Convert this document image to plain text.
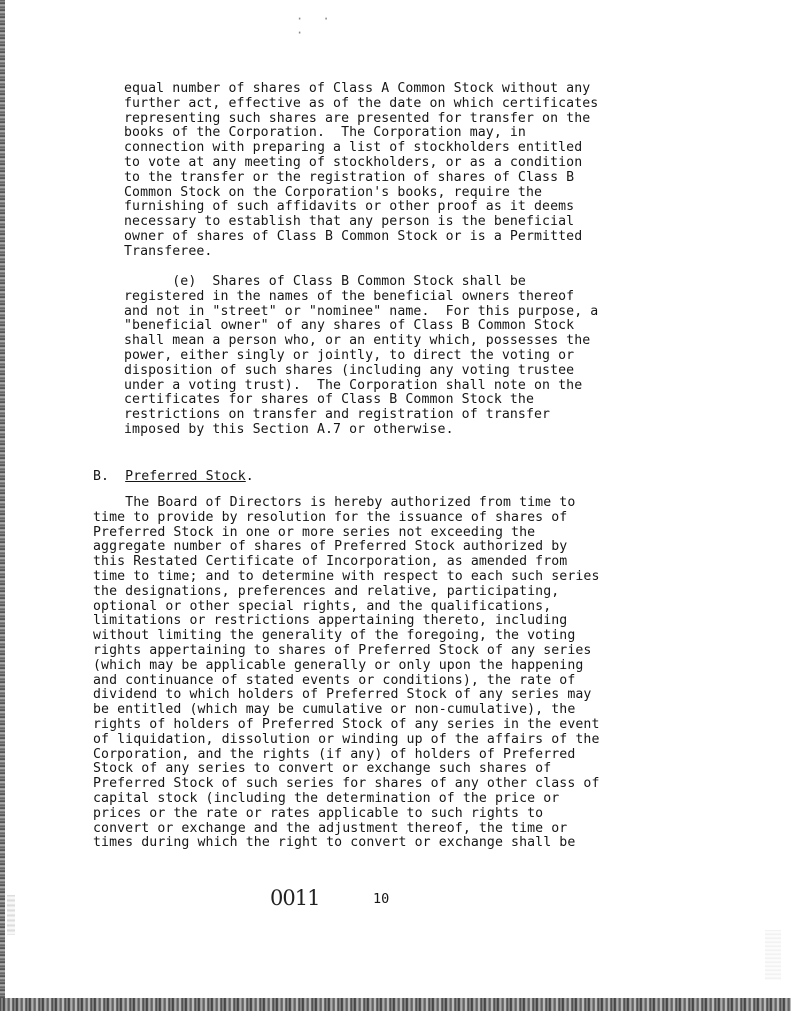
· · ·
equal number of shares of Class A Common Stock without any
further act, effective as of the date on which certificates
representing such shares are presented for transfer on the
books of the Corporation.  The Corporation may, in
connection with preparing a list of stockholders entitled
to vote at any meeting of stockholders, or as a condition
to the transfer or the registration of shares of Class B
Common Stock on the Corporation's books, require the
furnishing of such affidavits or other proof as it deems
necessary to establish that any person is the beneficial
owner of shares of Class B Common Stock or is a Permitted
Transferee.
(e)  Shares of Class B Common Stock shall be
registered in the names of the beneficial owners thereof
and not in "street" or "nominee" name.  For this purpose, a
"beneficial owner" of any shares of Class B Common Stock
shall mean a person who, or an entity which, possesses the
power, either singly or jointly, to direct the voting or
disposition of such shares (including any voting trustee
under a voting trust).  The Corporation shall note on the
certificates for shares of Class B Common Stock the
restrictions on transfer and registration of transfer
imposed by this Section A.7 or otherwise.
B.  Preferred Stock.
The Board of Directors is hereby authorized from time to
time to provide by resolution for the issuance of shares of
Preferred Stock in one or more series not exceeding the
aggregate number of shares of Preferred Stock authorized by
this Restated Certificate of Incorporation, as amended from
time to time; and to determine with respect to each such series
the designations, preferences and relative, participating,
optional or other special rights, and the qualifications,
limitations or restrictions appertaining thereto, including
without limiting the generality of the foregoing, the voting
rights appertaining to shares of Preferred Stock of any series
(which may be applicable generally or only upon the happening
and continuance of stated events or conditions), the rate of
dividend to which holders of Preferred Stock of any series may
be entitled (which may be cumulative or non-cumulative), the
rights of holders of Preferred Stock of any series in the event
of liquidation, dissolution or winding up of the affairs of the
Corporation, and the rights (if any) of holders of Preferred
Stock of any series to convert or exchange such shares of
Preferred Stock of such series for shares of any other class of
capital stock (including the determination of the price or
prices or the rate or rates applicable to such rights to
convert or exchange and the adjustment thereof, the time or
times during which the right to convert or exchange shall be
0011	10
